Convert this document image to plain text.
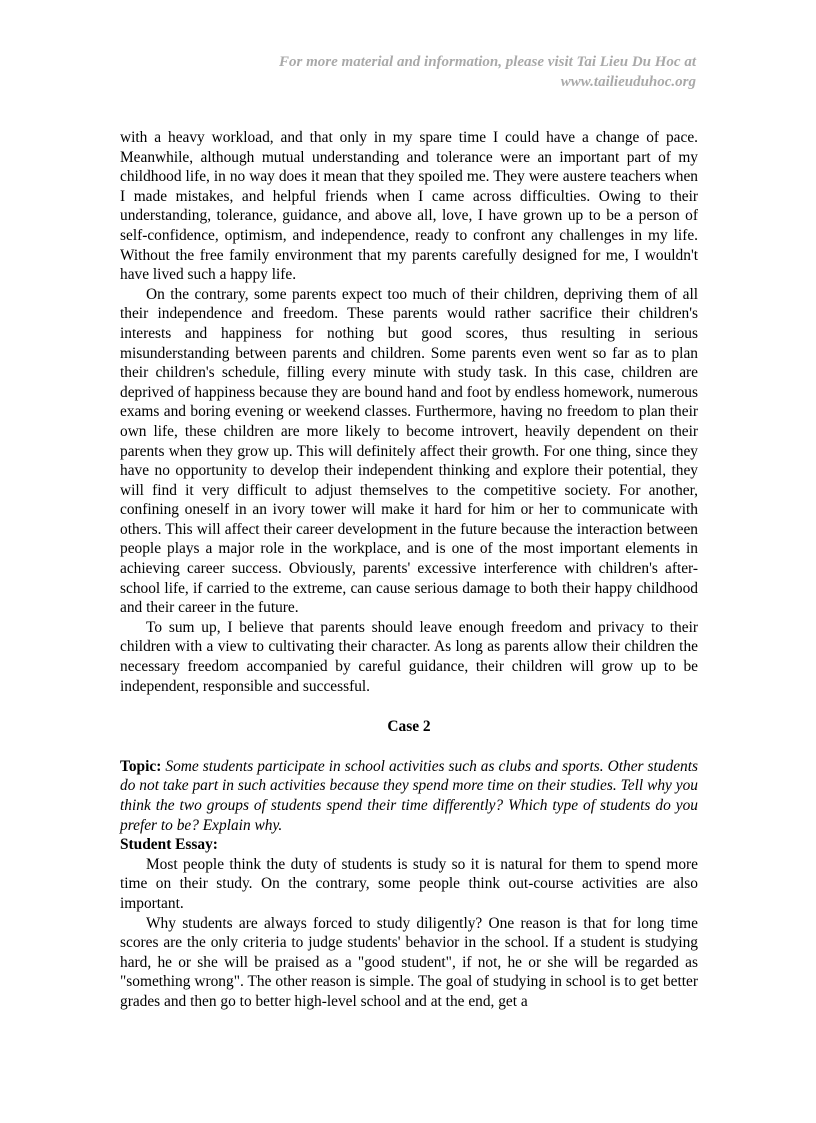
For more material and information, please visit Tai Lieu Du Hoc at
www.tailieuduhoc.org

with a heavy workload, and that only in my spare time I could have a change of pace. Meanwhile, although mutual understanding and tolerance were an important part of my childhood life, in no way does it mean that they spoiled me. They were austere teachers when I made mistakes, and helpful friends when I came across difficulties. Owing to their understanding, tolerance, guidance, and above all, love, I have grown up to be a person of self-confidence, optimism, and independence, ready to confront any challenges in my life. Without the free family environment that my parents carefully designed for me, I wouldn't have lived such a happy life.

On the contrary, some parents expect too much of their children, depriving them of all their independence and freedom. These parents would rather sacrifice their children's interests and happiness for nothing but good scores, thus resulting in serious misunderstanding between parents and children. Some parents even went so far as to plan their children's schedule, filling every minute with study task. In this case, children are deprived of happiness because they are bound hand and foot by endless homework, numerous exams and boring evening or weekend classes. Furthermore, having no freedom to plan their own life, these children are more likely to become introvert, heavily dependent on their parents when they grow up. This will definitely affect their growth. For one thing, since they have no opportunity to develop their independent thinking and explore their potential, they will find it very difficult to adjust themselves to the competitive society. For another, confining oneself in an ivory tower will make it hard for him or her to communicate with others. This will affect their career development in the future because the interaction between people plays a major role in the workplace, and is one of the most important elements in achieving career success. Obviously, parents' excessive interference with children's after-school life, if carried to the extreme, can cause serious damage to both their happy childhood and their career in the future.

To sum up, I believe that parents should leave enough freedom and privacy to their children with a view to cultivating their character. As long as parents allow their children the necessary freedom accompanied by careful guidance, their children will grow up to be independent, responsible and successful.

Case 2

Topic: Some students participate in school activities such as clubs and sports. Other students do not take part in such activities because they spend more time on their studies. Tell why you think the two groups of students spend their time differently? Which type of students do you prefer to be? Explain why.

Student Essay:

Most people think the duty of students is study so it is natural for them to spend more time on their study. On the contrary, some people think out-course activities are also important.

Why students are always forced to study diligently? One reason is that for long time scores are the only criteria to judge students' behavior in the school. If a student is studying hard, he or she will be praised as a "good student", if not, he or she will be regarded as "something wrong". The other reason is simple. The goal of studying in school is to get better grades and then go to better high-level school and at the end, get a
